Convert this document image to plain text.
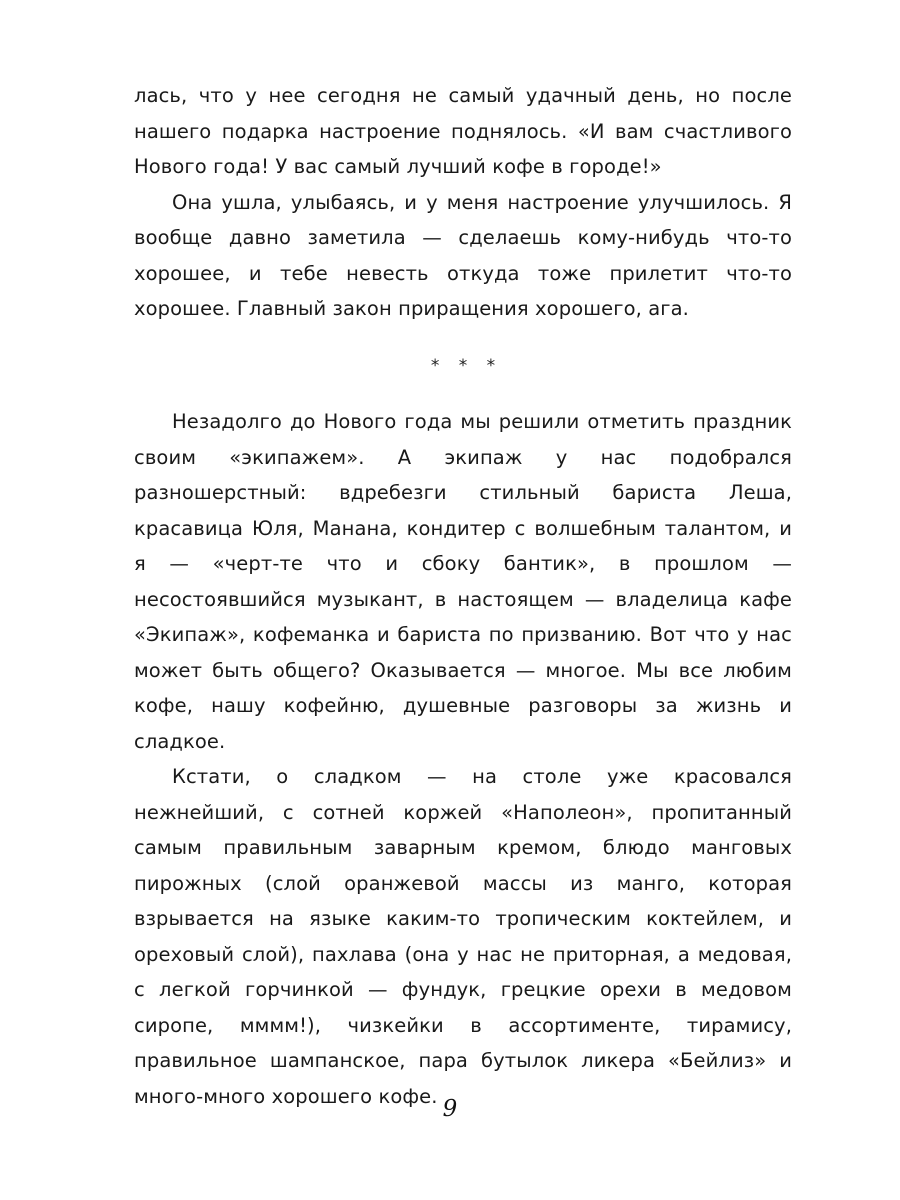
лась, что у нее сегодня не самый удачный день, но после нашего подарка настроение поднялось. «И вам счастливого Нового года! У вас самый лучший кофе в городе!»

Она ушла, улыбаясь, и у меня настроение улучшилось. Я вообще давно заметила — сделаешь кому-нибудь что-то хорошее, и тебе невесть откуда тоже прилетит что-то хорошее. Главный закон приращения хорошего, ага.

* * *

Незадолго до Нового года мы решили отметить праздник своим «экипажем». А экипаж у нас подобрался разношерстный: вдребезги стильный бариста Леша, красавица Юля, Манана, кондитер с волшебным талантом, и я — «черт-те что и сбоку бантик», в прошлом — несостоявшийся музыкант, в настоящем — владелица кафе «Экипаж», кофеманка и бариста по призванию. Вот что у нас может быть общего? Оказывается — многое. Мы все любим кофе, нашу кофейню, душевные разговоры за жизнь и сладкое.

Кстати, о сладком — на столе уже красовался нежнейший, с сотней коржей «Наполеон», пропитанный самым правильным заварным кремом, блюдо манговых пирожных (слой оранжевой массы из манго, которая взрывается на языке каким-то тропическим коктейлем, и ореховый слой), пахлава (она у нас не приторная, а медовая, с легкой горчинкой — фундук, грецкие орехи в медовом сиропе, мммм!), чизкейки в ассортименте, тирамису, правильное шампанское, пара бутылок ликера «Бейлиз» и много-много хорошего кофе. 9
